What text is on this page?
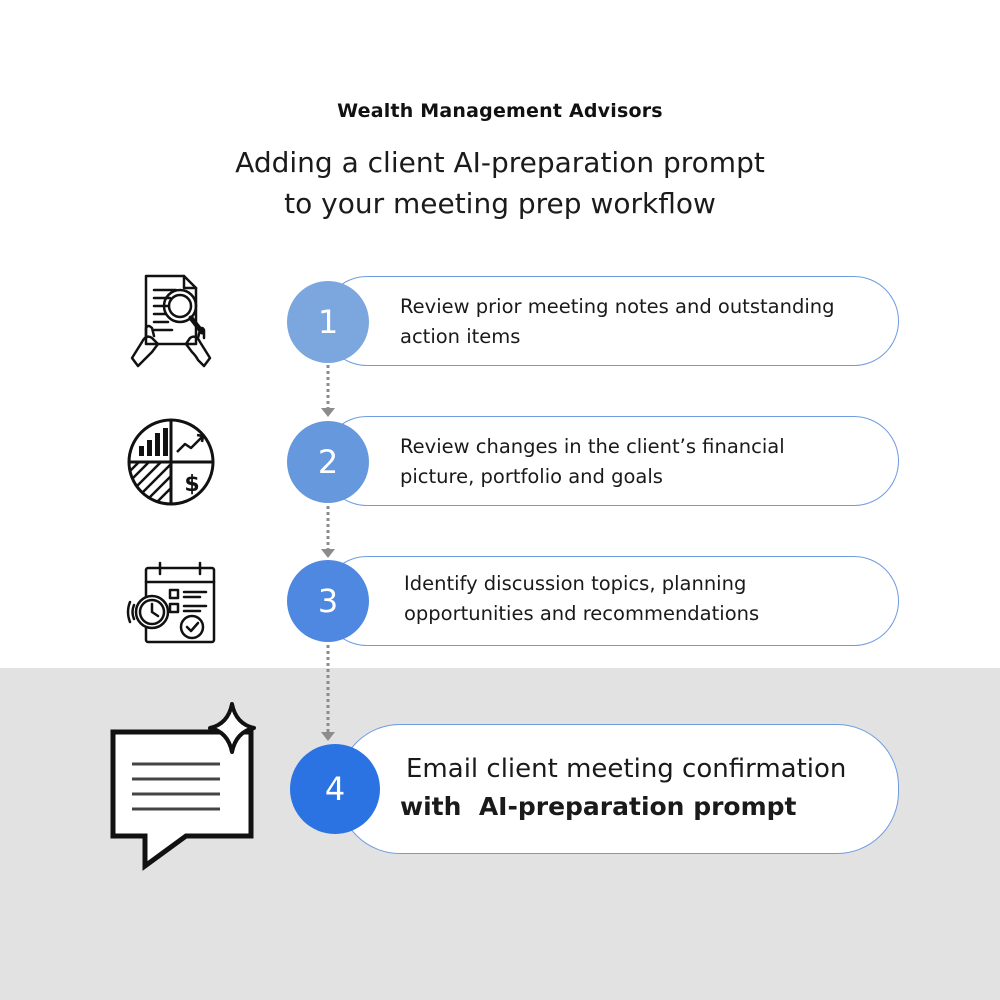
Wealth Management Advisors
Adding a client AI-preparation prompt
to your meeting prep workflow
Review prior meeting notes and outstanding
action items
1
Review changes in the client’s financial
picture, portfolio and goals
2
Identify discussion topics, planning
opportunities and recommendations
3
Email client meeting confirmation
with  AI-preparation prompt
4
$
